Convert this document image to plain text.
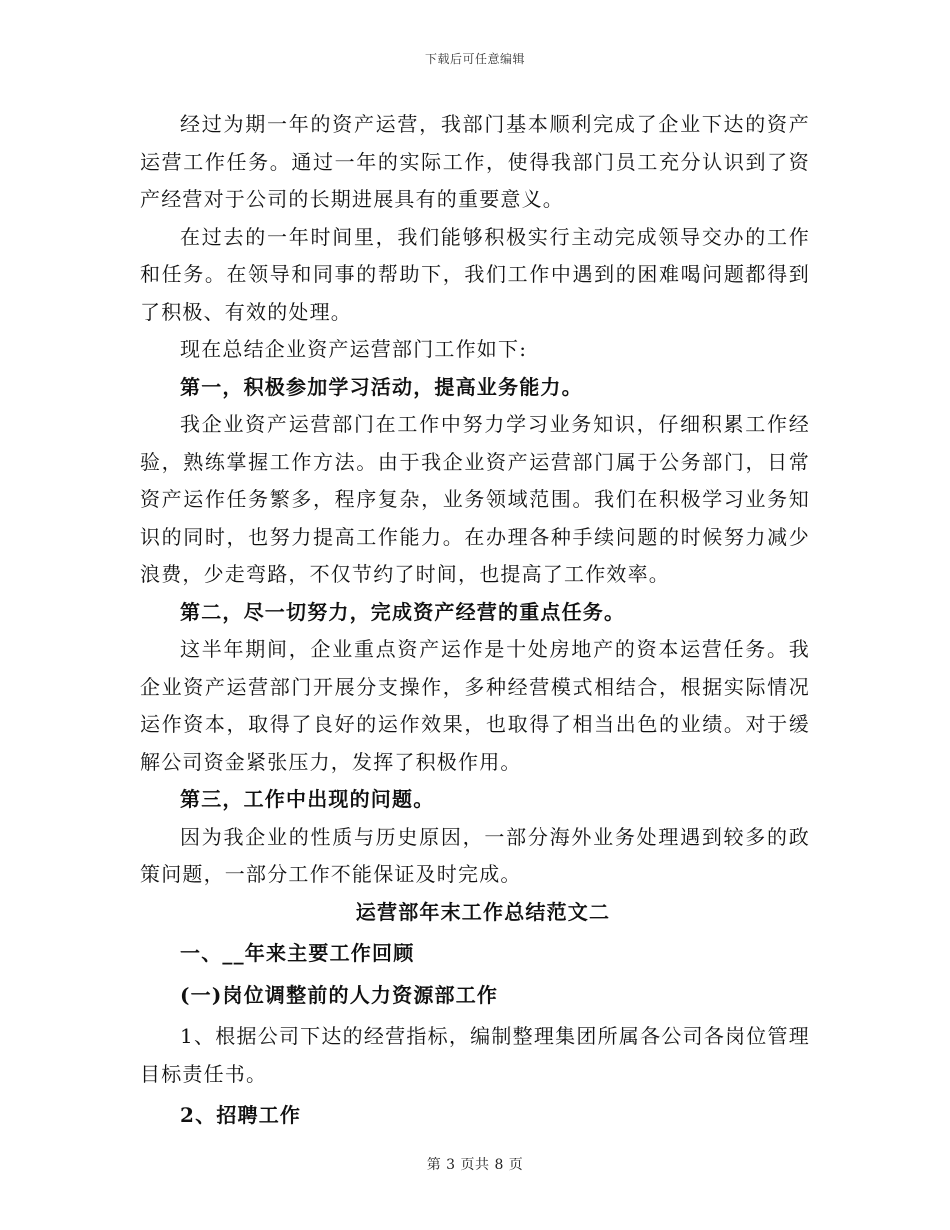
下载后可任意编辑

经过为期一年的资产运营，我部门基本顺利完成了企业下达的资产运营工作任务。通过一年的实际工作，使得我部门员工充分认识到了资产经营对于公司的长期进展具有的重要意义。

在过去的一年时间里，我们能够积极实行主动完成领导交办的工作和任务。在领导和同事的帮助下，我们工作中遇到的困难喝问题都得到了积极、有效的处理。

现在总结企业资产运营部门工作如下:

第一，积极参加学习活动，提高业务能力。

我企业资产运营部门在工作中努力学习业务知识，仔细积累工作经验，熟练掌握工作方法。由于我企业资产运营部门属于公务部门，日常资产运作任务繁多，程序复杂，业务领域范围。我们在积极学习业务知识的同时，也努力提高工作能力。在办理各种手续问题的时候努力减少浪费，少走弯路，不仅节约了时间，也提高了工作效率。

第二，尽一切努力，完成资产经营的重点任务。

这半年期间，企业重点资产运作是十处房地产的资本运营任务。我企业资产运营部门开展分支操作，多种经营模式相结合，根据实际情况运作资本，取得了良好的运作效果，也取得了相当出色的业绩。对于缓解公司资金紧张压力，发挥了积极作用。

第三，工作中出现的问题。

因为我企业的性质与历史原因，一部分海外业务处理遇到较多的政策问题，一部分工作不能保证及时完成。

运营部年末工作总结范文二

一、__年来主要工作回顾

(一)岗位调整前的人力资源部工作

1、根据公司下达的经营指标，编制整理集团所属各公司各岗位管理目标责任书。

2、招聘工作

第 3 页共 8 页
